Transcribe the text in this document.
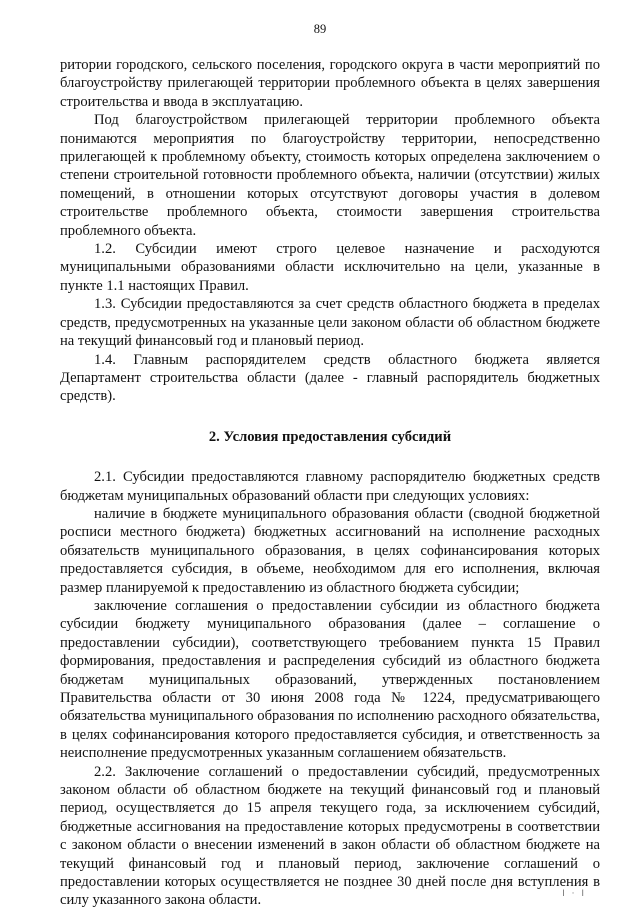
89

ритории городского, сельского поселения, городского округа в части мероприятий по благоустройству прилегающей территории проблемного объекта в целях завершения строительства и ввода в эксплуатацию.

Под благоустройством прилегающей территории проблемного объекта понимаются мероприятия по благоустройству территории, непосредственно прилегающей к проблемному объекту, стоимость которых определена заключением о степени строительной готовности проблемного объекта, наличии (отсутствии) жилых помещений, в отношении которых отсутствуют договоры участия в долевом строительстве проблемного объекта, стоимости завершения строительства проблемного объекта.

1.2. Субсидии имеют строго целевое назначение и расходуются муниципальными образованиями области исключительно на цели, указанные в пункте 1.1 настоящих Правил.

1.3. Субсидии предоставляются за счет средств областного бюджета в пределах средств, предусмотренных на указанные цели законом области об областном бюджете на текущий финансовый год и плановый период.

1.4. Главным распорядителем средств областного бюджета является Департамент строительства области (далее - главный распорядитель бюджетных средств).

2. Условия предоставления субсидий

2.1. Субсидии предоставляются главному распорядителю бюджетных средств бюджетам муниципальных образований области при следующих условиях:

наличие в бюджете муниципального образования области (сводной бюджетной росписи местного бюджета) бюджетных ассигнований на исполнение расходных обязательств муниципального образования, в целях софинансирования которых предоставляется субсидия, в объеме, необходимом для его исполнения, включая размер планируемой к предоставлению из областного бюджета субсидии;

заключение соглашения о предоставлении субсидии из областного бюджета субсидии бюджету муниципального образования (далее – соглашение о предоставлении субсидии), соответствующего требованием пункта 15 Правил формирования, предоставления и распределения субсидий из областного бюджета бюджетам муниципальных образований, утвержденных постановлением Правительства области от 30 июня 2008 года № 1224, предусматривающего обязательства муниципального образования по исполнению расходного обязательства, в целях софинансирования которого предоставляется субсидия, и ответственность за неисполнение предусмотренных указанным соглашением обязательств.

2.2. Заключение соглашений о предоставлении субсидий, предусмотренных законом области об областном бюджете на текущий финансовый год и плановый период, осуществляется до 15 апреля текущего года, за исключением субсидий, бюджетные ассигнования на предоставление которых предусмотрены в соответствии с законом области о внесении изменений в закон области об областном бюджете на текущий финансовый год и плановый период, заключение соглашений о предоставлении которых осуществляется не позднее 30 дней после дня вступления в силу указанного закона области.	I · I
